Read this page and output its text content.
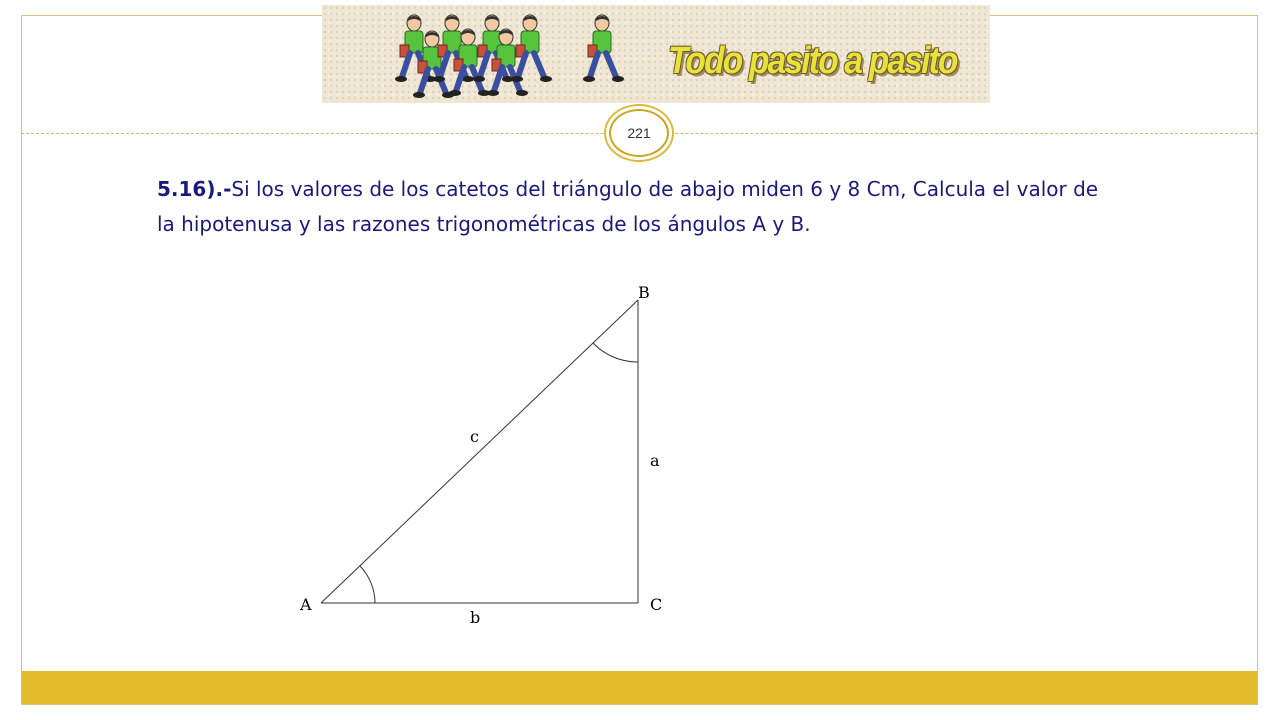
Todo pasito a pasito
221

5.16).-Si los valores de los catetos del triángulo de abajo miden 6 y 8 Cm, Calcula el valor de la hipotenusa y las razones trigonométricas de los ángulos A y B.

B
A	C
c
a
b
